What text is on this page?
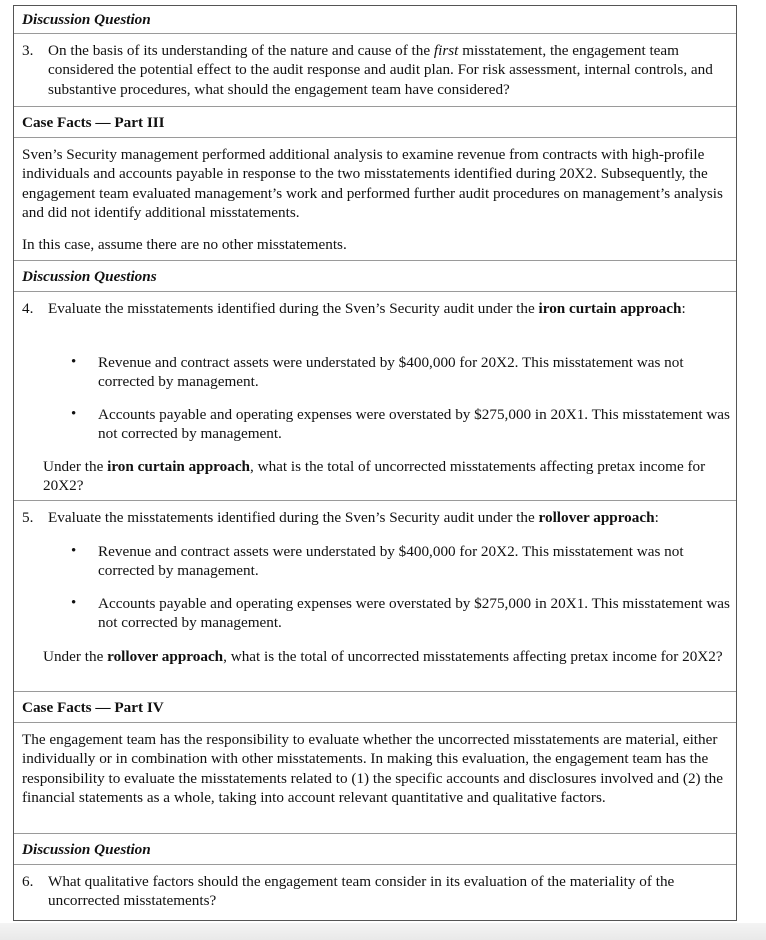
Discussion Question
3. On the basis of its understanding of the nature and cause of the first misstatement, the engagement team considered the potential effect to the audit response and audit plan. For risk assessment, internal controls, and substantive procedures, what should the engagement team have considered?
Case Facts — Part III

Sven’s Security management performed additional analysis to examine revenue from contracts with high-profile individuals and accounts payable in response to the two misstatements identified during 20X2. Subsequently, the engagement team evaluated management’s work and performed further audit procedures on management’s analysis and did not identify additional misstatements.

In this case, assume there are no other misstatements.

Discussion Questions
4. Evaluate the misstatements identified during the Sven’s Security audit under the iron curtain approach:
• Revenue and contract assets were understated by $400,000 for 20X2. This misstatement was not corrected by management.
• Accounts payable and operating expenses were overstated by $275,000 in 20X1. This misstatement was not corrected by management.
Under the iron curtain approach, what is the total of uncorrected misstatements affecting pretax income for 20X2?
5. Evaluate the misstatements identified during the Sven’s Security audit under the rollover approach:
• Revenue and contract assets were understated by $400,000 for 20X2. This misstatement was not corrected by management.
• Accounts payable and operating expenses were overstated by $275,000 in 20X1. This misstatement was not corrected by management.
Under the rollover approach, what is the total of uncorrected misstatements affecting pretax income for 20X2?
Case Facts — Part IV

The engagement team has the responsibility to evaluate whether the uncorrected misstatements are material, either individually or in combination with other misstatements. In making this evaluation, the engagement team has the responsibility to evaluate the misstatements related to (1) the specific accounts and disclosures involved and (2) the financial statements as a whole, taking into account relevant quantitative and qualitative factors.

Discussion Question
6. What qualitative factors should the engagement team consider in its evaluation of the materiality of the uncorrected misstatements?
